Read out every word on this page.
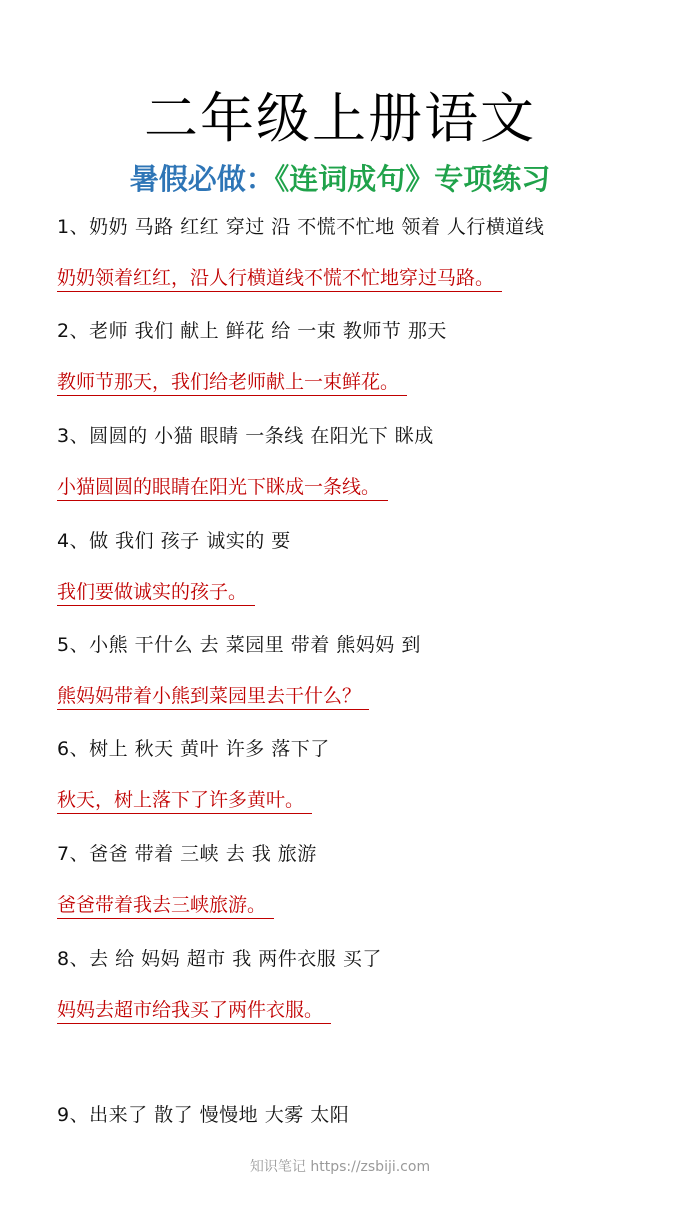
二年级上册语文
暑假必做：《连词成句》专项练习
1、奶奶 马路 红红 穿过 沿 不慌不忙地 领着 人行横道线
奶奶领着红红，沿人行横道线不慌不忙地穿过马路。
2、老师 我们 献上 鲜花 给 一束 教师节 那天
教师节那天，我们给老师献上一束鲜花。
3、圆圆的 小猫 眼睛 一条线 在阳光下 眯成
小猫圆圆的眼睛在阳光下眯成一条线。
4、做 我们 孩子 诚实的 要
我们要做诚实的孩子。
5、小熊 干什么 去 菜园里 带着 熊妈妈 到
熊妈妈带着小熊到菜园里去干什么？
6、树上 秋天 黄叶 许多 落下了
秋天，树上落下了许多黄叶。
7、爸爸 带着 三峡 去 我 旅游
爸爸带着我去三峡旅游。
8、去 给 妈妈 超市 我 两件衣服 买了
妈妈去超市给我买了两件衣服。
9、出来了 散了 慢慢地 大雾 太阳
知识笔记 https://zsbiji.com
